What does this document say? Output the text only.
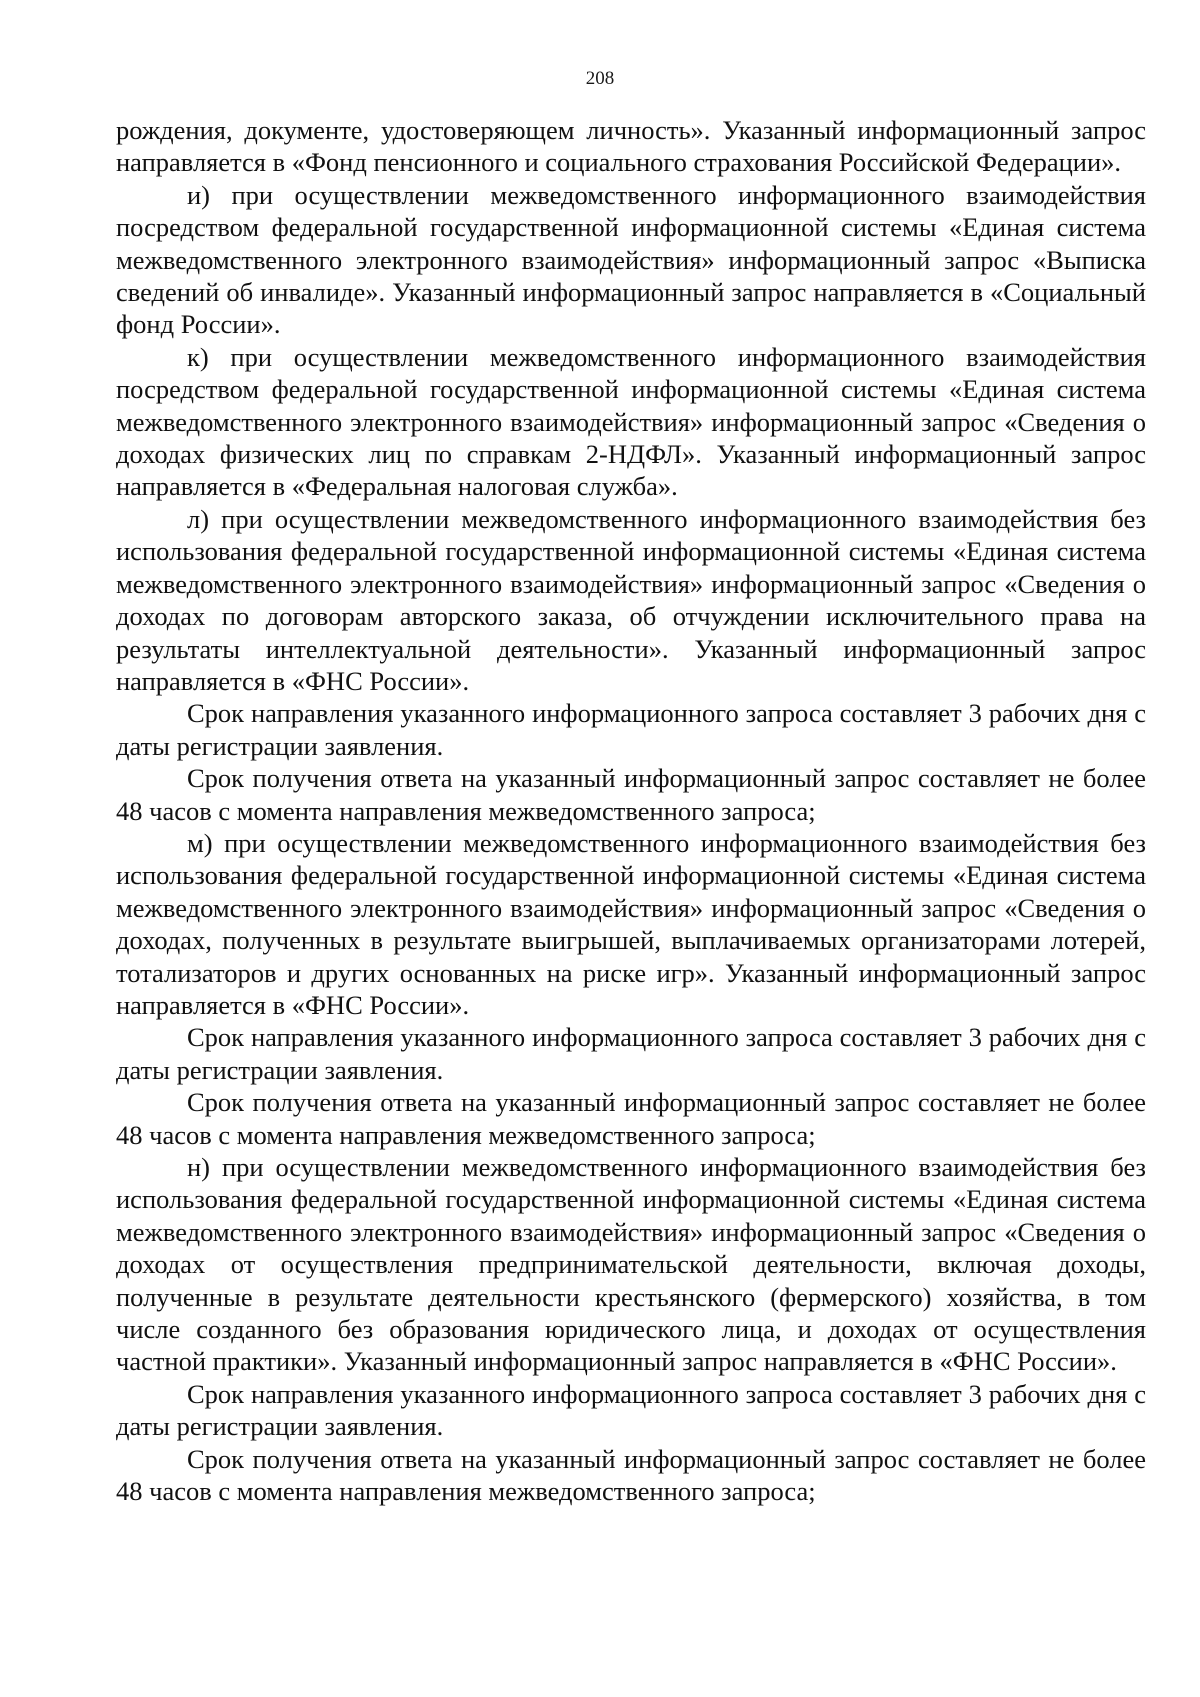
208

рождения, документе, удостоверяющем личность». Указанный информационный запрос направляется в «Фонд пенсионного и социального страхования Российской Федерации».

и) при осуществлении межведомственного информационного взаимодействия посредством федеральной государственной информационной системы «Единая система межведомственного электронного взаимодействия» информационный запрос «Выписка сведений об инвалиде». Указанный информационный запрос направляется в «Социальный фонд России».

к) при осуществлении межведомственного информационного взаимодействия посредством федеральной государственной информационной системы «Единая система межведомственного электронного взаимодействия» информационный запрос «Сведения о доходах физических лиц по справкам 2-НДФЛ». Указанный информационный запрос направляется в «Федеральная налоговая служба».

л) при осуществлении межведомственного информационного взаимодействия без использования федеральной государственной информационной системы «Единая система межведомственного электронного взаимодействия» информационный запрос «Сведения о доходах по договорам авторского заказа, об отчуждении исключительного права на результаты интеллектуальной деятельности». Указанный информационный запрос направляется в «ФНС России».

Срок направления указанного информационного запроса составляет 3 рабочих дня с даты регистрации заявления.

Срок получения ответа на указанный информационный запрос составляет не более 48 часов с момента направления межведомственного запроса;

м) при осуществлении межведомственного информационного взаимодействия без использования федеральной государственной информационной системы «Единая система межведомственного электронного взаимодействия» информационный запрос «Сведения о доходах, полученных в результате выигрышей, выплачиваемых организаторами лотерей, тотализаторов и других основанных на риске игр». Указанный информационный запрос направляется в «ФНС России».

Срок направления указанного информационного запроса составляет 3 рабочих дня с даты регистрации заявления.

Срок получения ответа на указанный информационный запрос составляет не более 48 часов с момента направления межведомственного запроса;

н) при осуществлении межведомственного информационного взаимодействия без использования федеральной государственной информационной системы «Единая система межведомственного электронного взаимодействия» информационный запрос «Сведения о доходах от осуществления предпринимательской деятельности, включая доходы, полученные в результате деятельности крестьянского (фермерского) хозяйства, в том числе созданного без образования юридического лица, и доходах от осуществления частной практики». Указанный информационный запрос направляется в «ФНС России».

Срок направления указанного информационного запроса составляет 3 рабочих дня с даты регистрации заявления.

Срок получения ответа на указанный информационный запрос составляет не более 48 часов с момента направления межведомственного запроса;
